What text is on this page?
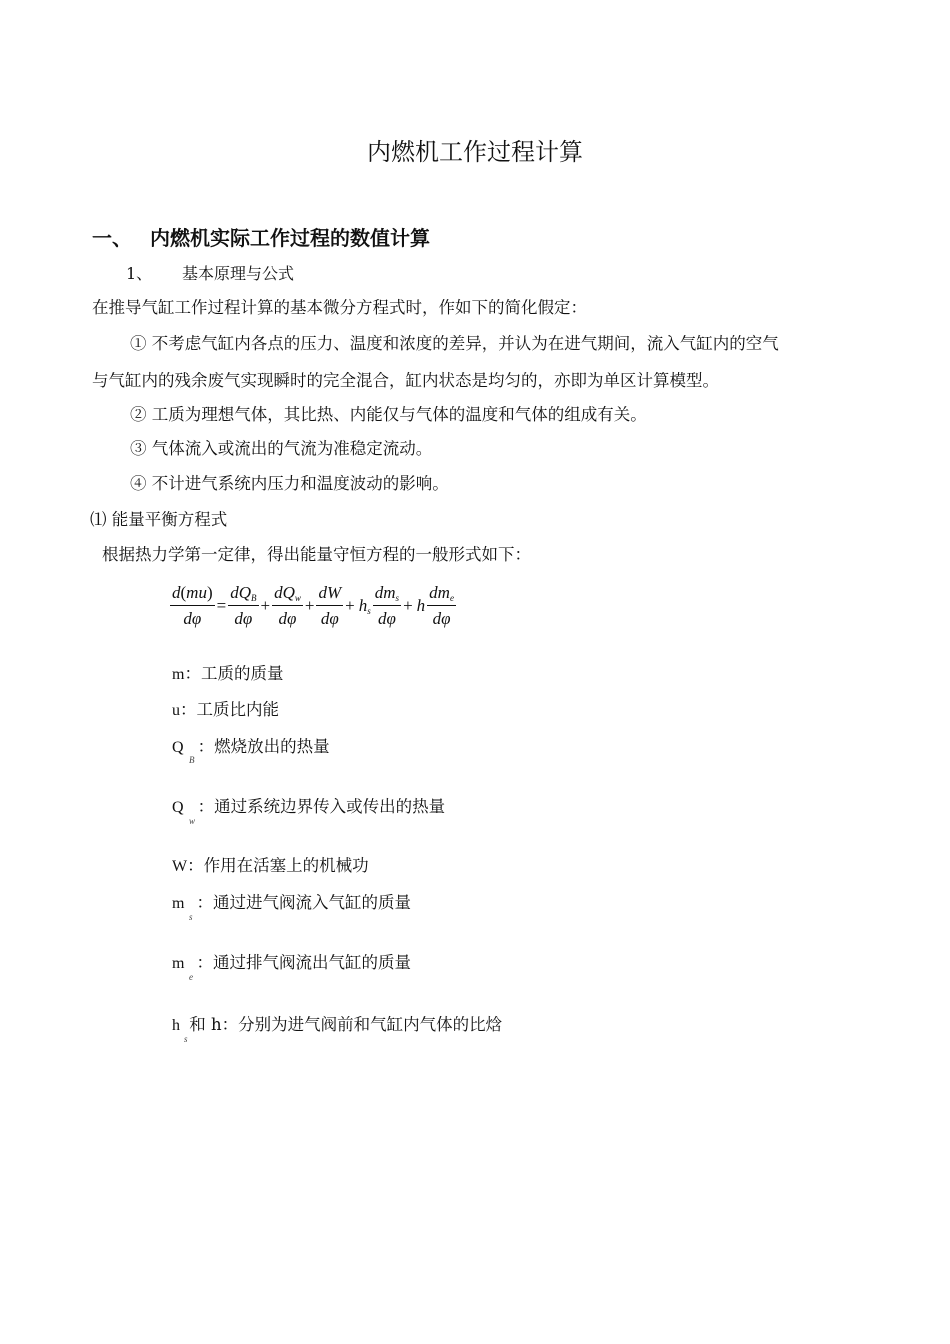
内燃机工作过程计算
一、 内燃机实际工作过程的数值计算
1、 基本原理与公式
在推导气缸工作过程计算的基本微分方程式时，作如下的简化假定：
① 不考虑气缸内各点的压力、温度和浓度的差异，并认为在进气期间，流入气缸内的空气
与气缸内的残余废气实现瞬时的完全混合，缸内状态是均匀的，亦即为单区计算模型。
② 工质为理想气体，其比热、内能仅与气体的温度和气体的组成有关。
③ 气体流入或流出的气流为准稳定流动。
④ 不计进气系统内压力和温度波动的影响。
⑴ 能量平衡方程式
根据热力学第一定律，得出能量守恒方程的一般形式如下：
$\frac{d(mu)}{d\varphi} = \frac{dQ_B}{d\varphi} + \frac{dQ_w}{d\varphi} + \frac{dW}{d\varphi} + h_s \frac{dm_s}{d\varphi} + h \frac{dm_e}{d\varphi}$
m：工质的质量
u：工质比内能
Q ：燃烧放出的热量
B
Q ：通过系统边界传入或传出的热量
w
W：作用在活塞上的机械功
m ：通过进气阀流入气缸的质量
s
m ：通过排气阀流出气缸的质量
e
h 和 h：分别为进气阀前和气缸内气体的比焓
s
